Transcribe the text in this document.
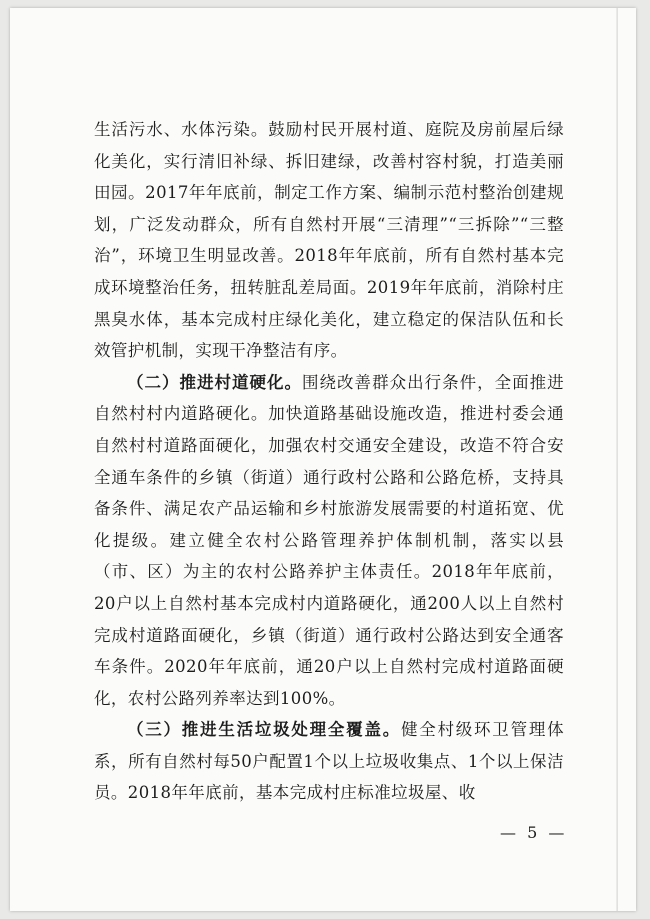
生活污水、水体污染。鼓励村民开展村道、庭院及房前屋后绿化美化，实行清旧补绿、拆旧建绿，改善村容村貌，打造美丽田园。2017年年底前，制定工作方案、编制示范村整治创建规划，广泛发动群众，所有自然村开展“三清理”“三拆除”“三整治”，环境卫生明显改善。2018年年底前，所有自然村基本完成环境整治任务，扭转脏乱差局面。2019年年底前，消除村庄黑臭水体，基本完成村庄绿化美化，建立稳定的保洁队伍和长效管护机制，实现干净整洁有序。

（二）推进村道硬化。围绕改善群众出行条件，全面推进自然村村内道路硬化。加快道路基础设施改造，推进村委会通自然村村道路面硬化，加强农村交通安全建设，改造不符合安全通车条件的乡镇（街道）通行政村公路和公路危桥，支持具备条件、满足农产品运输和乡村旅游发展需要的村道拓宽、优化提级。建立健全农村公路管理养护体制机制，落实以县（市、区）为主的农村公路养护主体责任。2018年年底前，20户以上自然村基本完成村内道路硬化，通200人以上自然村完成村道路面硬化，乡镇（街道）通行政村公路达到安全通客车条件。2020年年底前，通20户以上自然村完成村道路面硬化，农村公路列养率达到100%。

（三）推进生活垃圾处理全覆盖。健全村级环卫管理体系，所有自然村每50户配置1个以上垃圾收集点、1个以上保洁员。2018年年底前，基本完成村庄标准垃圾屋、收

— 5 —
